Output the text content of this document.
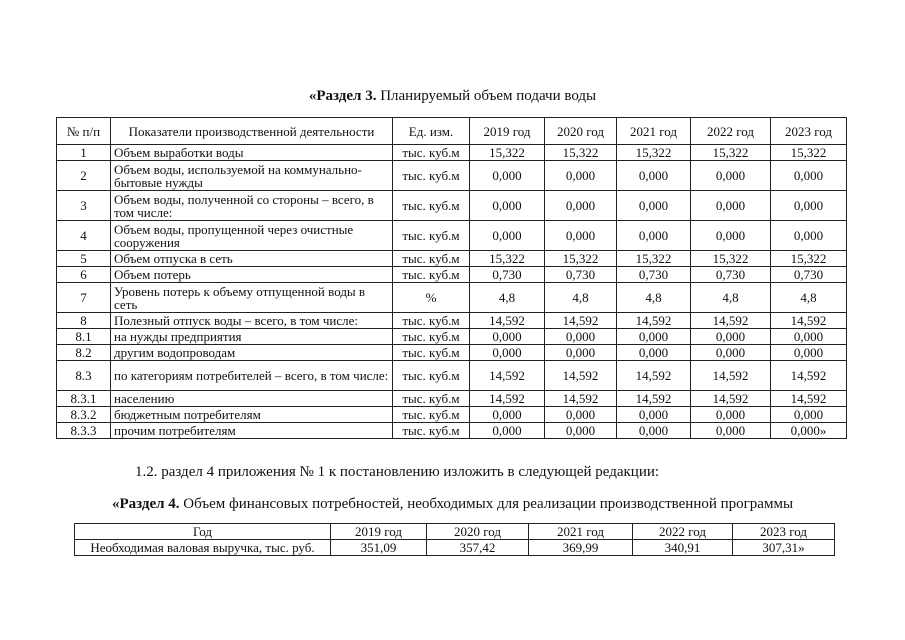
«Раздел 3. Планируемый объем подачи воды
№ п/п	Показатели производственной деятельности	Ед. изм.	2019 год	2020 год	2021 год	2022 год	2023 год
1	Объем выработки воды	тыс. куб.м	15,322	15,322	15,322	15,322	15,322
2	Объем воды, используемой на коммунально-бытовые нужды	тыс. куб.м	0,000	0,000	0,000	0,000	0,000
3	Объем воды, полученной со стороны – всего, в том числе:	тыс. куб.м	0,000	0,000	0,000	0,000	0,000
4	Объем воды, пропущенной через очистные сооружения	тыс. куб.м	0,000	0,000	0,000	0,000	0,000
5	Объем отпуска в сеть	тыс. куб.м	15,322	15,322	15,322	15,322	15,322
6	Объем потерь	тыс. куб.м	0,730	0,730	0,730	0,730	0,730
7	Уровень потерь к объему отпущенной воды в сеть	%	4,8	4,8	4,8	4,8	4,8
8	Полезный отпуск воды – всего, в том числе:	тыс. куб.м	14,592	14,592	14,592	14,592	14,592
8.1	на нужды предприятия	тыс. куб.м	0,000	0,000	0,000	0,000	0,000
8.2	другим водопроводам	тыс. куб.м	0,000	0,000	0,000	0,000	0,000
8.3	по категориям потребителей – всего, в том числе:	тыс. куб.м	14,592	14,592	14,592	14,592	14,592
8.3.1	населению	тыс. куб.м	14,592	14,592	14,592	14,592	14,592
8.3.2	бюджетным потребителям	тыс. куб.м	0,000	0,000	0,000	0,000	0,000
8.3.3	прочим потребителям	тыс. куб.м	0,000	0,000	0,000	0,000	0,000»
1.2. раздел 4 приложения № 1 к постановлению изложить в следующей редакции:
«Раздел 4. Объем финансовых потребностей, необходимых для реализации производственной программы
Год	2019 год	2020 год	2021 год	2022 год	2023 год
Необходимая валовая выручка, тыс. руб.	351,09	357,42	369,99	340,91	307,31»
